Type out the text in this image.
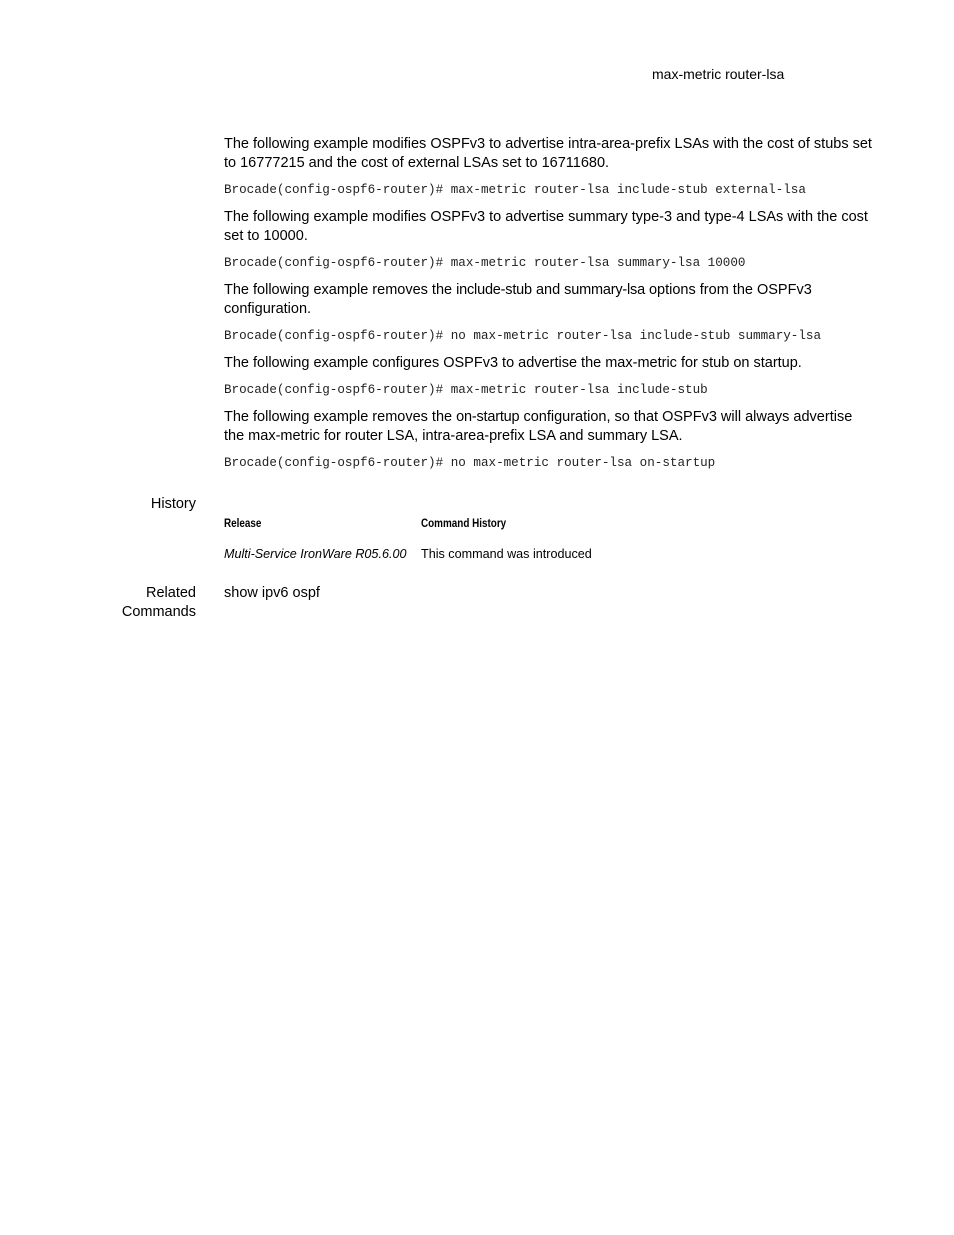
max-metric router-lsa

The following example modifies OSPFv3 to advertise intra-area-prefix LSAs with the cost of stubs set to 16777215 and the cost of external LSAs set to 16711680.

Brocade(config-ospf6-router)# max-metric router-lsa include-stub external-lsa

The following example modifies OSPFv3 to advertise summary type-3 and type-4 LSAs with the cost set to 10000.

Brocade(config-ospf6-router)# max-metric router-lsa summary-lsa 10000

The following example removes the include-stub and summary-lsa options from the OSPFv3 configuration.

Brocade(config-ospf6-router)# no max-metric router-lsa include-stub summary-lsa

The following example configures OSPFv3 to advertise the max-metric for stub on startup.

Brocade(config-ospf6-router)# max-metric router-lsa include-stub

The following example removes the on-startup configuration, so that OSPFv3 will always advertise the max-metric for router LSA, intra-area-prefix LSA and summary LSA.

Brocade(config-ospf6-router)# no max-metric router-lsa on-startup

History
Release	Command History
Multi-Service IronWare R05.6.00	This command was introduced
Related
Commands
show ipv6 ospf
